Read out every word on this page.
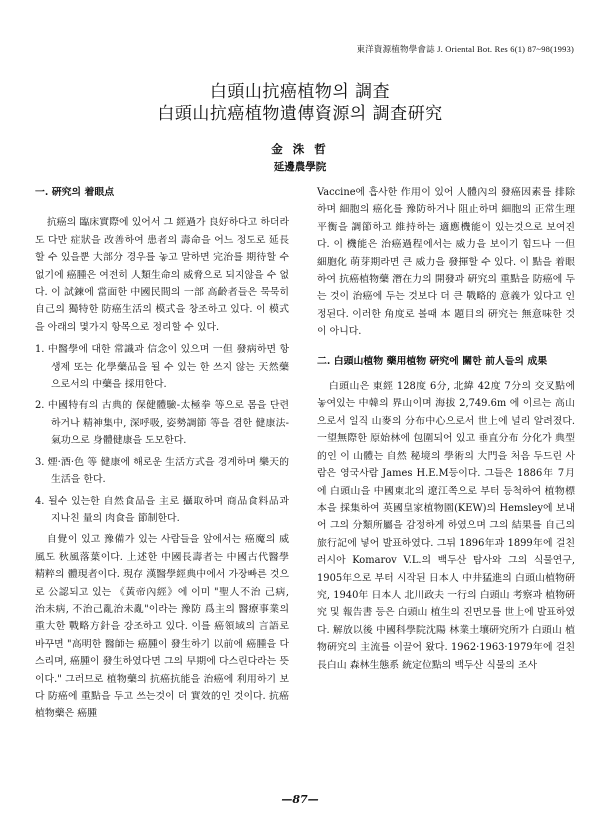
東洋資源植物學會誌 J. Oriental Bot. Res 6(1) 87~98(1993)
白頭山抗癌植物의 調査
白頭山抗癌植物遺傳資源의 調査硏究
金 洙 哲
延邊農學院
一. 硏究의 着眼点

抗癌의 臨床實際에 있어서 그 經過가 良好하다고 하더라도 다만 症狀을 改善하여 患者의 壽命을 어느 정도로 延長할 수 있을뿐 大部分 경우를 놓고 말하면 完治를 期待할 수 없기에 癌腫은 여전히 人類生命의 威脅으로 되지않을 수 없다. 이 試鍊에 當面한 中國民間의 一部 高齡者들은 묵묵히 自己의 獨特한 防癌生活의 模式을 창조하고 있다. 이 模式을 아래의 몇가지 항목으로 정리할 수 있다.

1. 中醫學에 대한 常識과 信念이 있으며 一但 發病하면 항생제 또는 化學藥品을 될 수 있는 한 쓰지 않는 天然藥으로서의 中藥을 採用한다.
2. 中國特有의 古典的 保健體驗-太極拳 等으로 몸을 단련하거나 精神集中, 深呼吸, 姿勢調節 等을 겸한 健康法-氣功으로 身體健康을 도모한다.
3. 煙·酒·色 等 健康에 해로운 生活方式을 경계하며 樂天的 生活을 한다.
4. 될수 있는한 自然食品을 主로 攝取하며 商品食料品과 지나친 量의 肉食을 節制한다.

自覺이 있고 豫備가 있는 사람들을 앞에서는 癌魔의 威風도 秋風落葉이다. 上述한 中國長壽者는 中國古代醫學 精粹의 體現者이다. 現存 漢醫學經典中에서 가장빠른 것으로 公認되고 있는 《黃帝內經》에 이미 "聖人不治 己病, 治未病, 不治己亂治未亂"이라는 豫防 爲主의 醫療事業의 重大한 戰略方針을 강조하고 있다. 이를 癌領域의 言語로 바꾸면 "高明한 醫師는 癌腫이 發生하기 以前에 癌腫을 다스리며, 癌腫이 發生하였다면 그의 早期에 다스린다라는 뜻이다." 그러므로 植物藥의 抗癌抗能을 治癌에 利用하기 보다 防癌에 重點을 두고 쓰는것이 더 實效的인 것이다. 抗癌植物藥은 癌腫

Vaccine에 흡사한 作用이 있어 人體內의 發癌因素를 排除하며 細胞의 癌化를 豫防하거나 阻止하며 細胞의 正常生理 平衡을 調節하고 維持하는 適應機能이 있는것으로 보여진다. 이 機能은 治癌過程에서는 威力을 보이기 힘드나 一但 細胞化 萌芽期라면 큰 威力을 發揮할 수 있다. 이 點을 着眼하여 抗癌植物藥 潛在力의 開發과 硏究의 重點을 防癌에 두는 것이 治癌에 두는 것보다 더 큰 戰略的 意義가 있다고 인정된다. 이러한 角度로 볼때 本 題目의 硏究는 無意味한 것이 아니다.

二. 白頭山植物 藥用植物 硏究에 關한 前人들의 成果

白頭山은 東經 128度 6分, 北緯 42度 7分의 交叉點에 놓여있는 中韓의 界山이며 海拔 2,749.6m 에 이르는 高山으로서 일직 山麥의 分布中心으로서 世上에 널리 알려졌다. 一望無際한 原始林에 包圍되어 있고 垂直分布 分化가 典型的인 이 山體는 自然 秘境의 學術의 大門을 처음 두드린 사람은 영국사람 James H.E.M등이다. 그들은 1886年 7月에 白頭山을 中國東北의 遼江쪽으로 부터 등척하여 植物標本을 採集하여 英國皇家植物園(KEW)의 Hemsley에 보내어 그의 分類所屬을 감정하게 하였으며 그의 結果를 自己의 旅行記에 넣어 발표하였다. 그뒤 1896年과 1899年에 걸친 러시아 Komarov V.L.의 백두산 탐사와 그의 식물연구, 1905年으로 부터 시작된 日本人 中井猛進의 白頭山植物硏究, 1940年 日本人 北川政夫 一行의 白頭山 考察과 植物硏究 및 報告書 등은 白頭山 植生의 진면모를 世上에 발표하였다. 解放以後 中國科學院沈陽 林業土壤硏究所가 白頭山 植物硏究의 主流를 이끌어 왔다. 1962·1963·1979年에 걸친 長白山 森林生態系 統定位點의 백두산 식물의 조사

—87—
